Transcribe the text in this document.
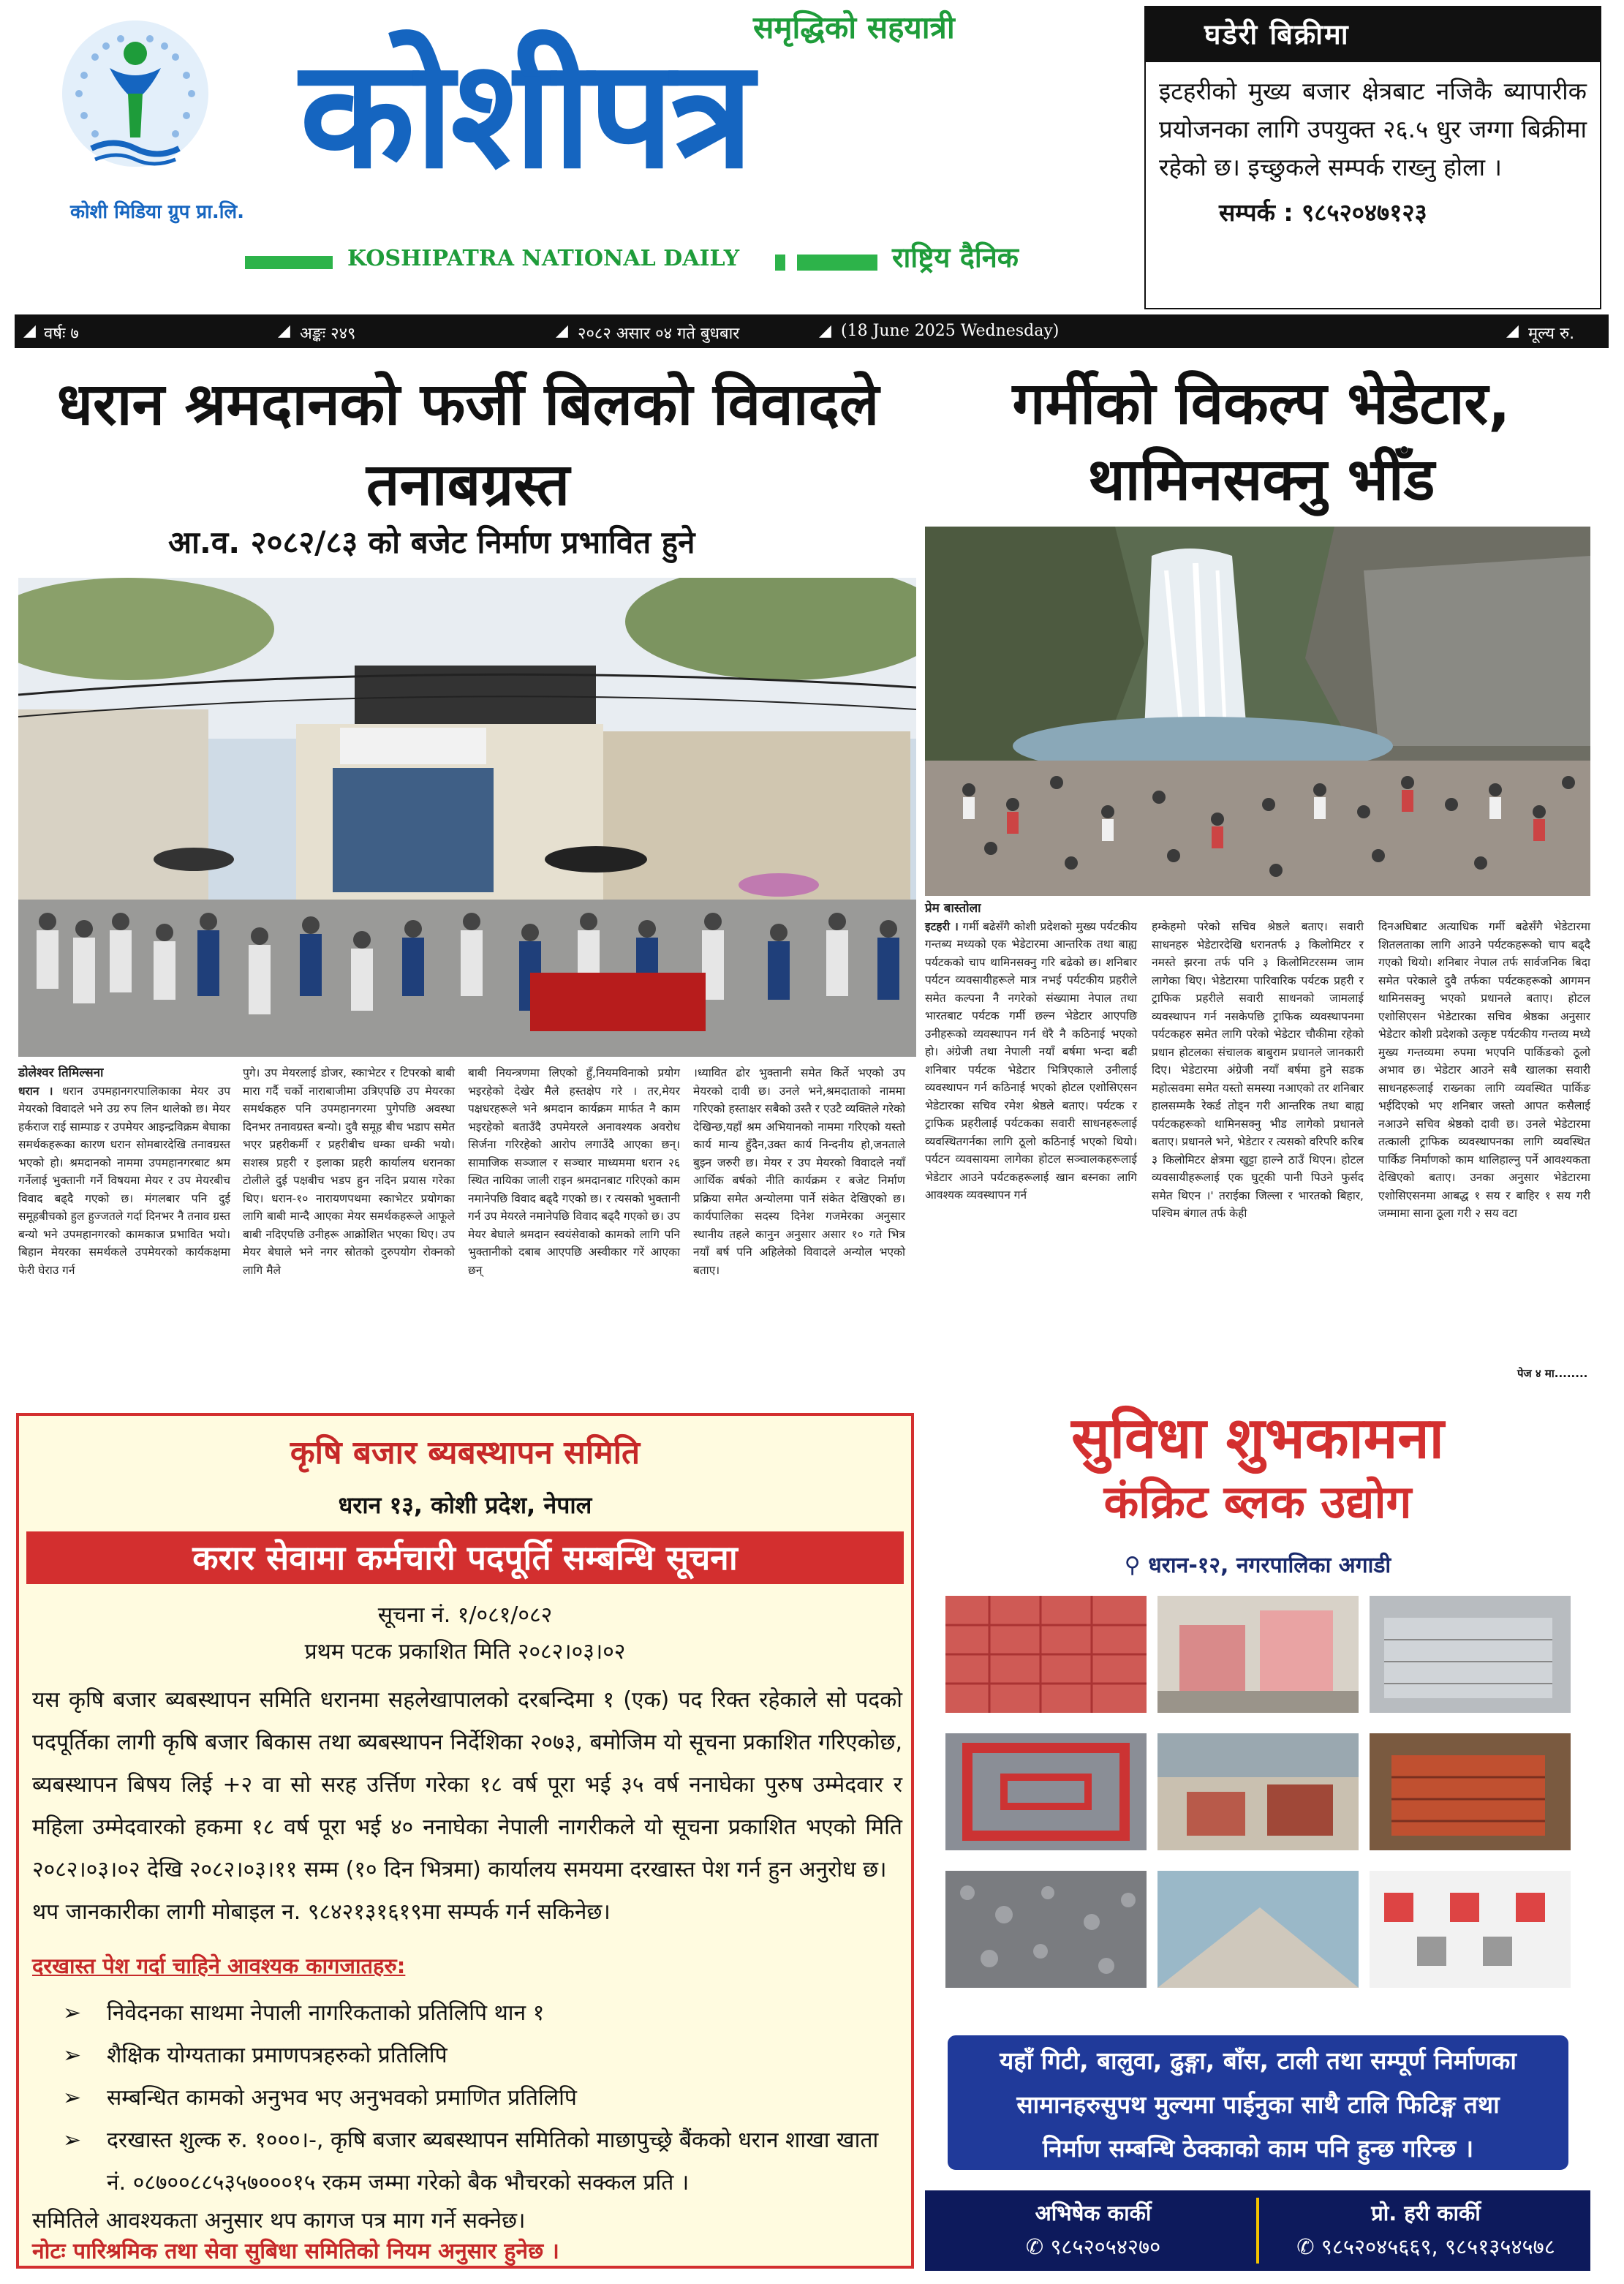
कोशी मिडिया ग्रुप प्रा.लि.
समृद्धिको सहयात्री
कोशीपत्र
KOSHIPATRA NATIONAL DAILY	राष्ट्रिय दैनिक
घडेरी बिक्रीमा
इटहरीको मुख्य बजार क्षेत्रबाट नजिकै ब्यापारीक प्रयोजनका लागि उपयुक्त २६.५ धुर जग्गा बिक्रीमा रहेको छ। इच्छुकले सम्पर्क राख्नु होला ।
सम्पर्क : ९८५२०४७१२३
◢ वर्षः ७	◢ अङ्कः २४९	◢ २०८२ असार ०४ गते बुधबार	◢ (18 June 2025 Wednesday)	◢ मूल्य रु.
धरान श्रमदानको फर्जी बिलको विवादले तनाबग्रस्त
आ.व. २०८२/८३ को बजेट निर्माण प्रभावित हुने
गर्मीको विकल्प भेडेटार, थामिनसक्नु भीँड
डोलेश्वर तिमिल्सना
धरान । धरान उपमहानगरपालिकाका मेयर उप मेयरको विवादले भने उग्र रुप लिन थालेको छ। मेयर हर्कराज राई साम्पाङ र उपमेयर आइन्द्रविक्रम बेघाका समर्थकहरूका कारण धरान सोमबारदेखि तनावग्रस्त भएको हो। श्रमदानको नाममा उपमहानगरबाट श्रम गर्नेलाई भुक्तानी गर्ने विषयमा मेयर र उप मेयरबीच विवाद बढ्दै गएको छ। मंगलबार पनि दुई समूहबीचको हुल हुज्जतले गर्दा दिनभर नै तनाव ग्रस्त बन्यो भने उपमहानगरको कामकाज प्रभावित भयो। बिहान मेयरका समर्थकले उपमेयरको कार्यकक्षमा फेरी घेराउ गर्न
पुगे। उप मेयरलाई डोजर, स्काभेटर र टिपरको बाबी मारा गर्दै चर्को नाराबाजीमा उत्रिएपछि उप मेयरका समर्थकहरु पनि उपमहानगरमा पुगेपछि अवस्था दिनभर तनावग्रस्त बन्यो। दुवै समूह बीच भडाप समेत भएर प्रहरीकर्मी र प्रहरीबीच धम्का धम्की भयो। सशस्त्र प्रहरी र इलाका प्रहरी कार्यालय धरानका टोलीले दुई पक्षबीच भडप हुन नदिन प्रयास गरेका थिए। धरान-१० नारायणपथमा स्काभेटर प्रयोगका लागि बाबी मान्दै आएका मेयर समर्थकहरूले आफूले बाबी नदिएपछि उनीहरू आक्रोशित भएका थिए। उप मेयर बेघाले भने नगर स्रोतको दुरुपयोग रोक्नको लागि मैले
बाबी नियन्त्रणमा लिएको हुँ,नियमविनाको प्रयोग भइरहेको देखेर मैले हस्तक्षेप गरे । तर,मेयर पक्षधरहरूले भने श्रमदान कार्यक्रम मार्फत नै काम भइरहेको बताउँदै उपमेयरले अनावश्यक अवरोध सिर्जना गरिरहेको आरोप लगाउँदै आएका छन्। सामाजिक सञ्जाल र सञ्चार माध्यममा धरान २६ स्थित नायिका जाली राइन श्रमदानबाट गरिएको काम नमानेपछि विवाद बढ्दै गएको छ। र त्यसको भुक्तानी गर्न उप मेयरले नमानेपछि विवाद बढ्दै गएको छ। उप मेयर बेघाले श्रमदान स्वयंसेवाको कामको लागि पनि भुक्तानीको दबाब आएपछि अस्वीकार गरें आएका छन्
।ध्यावित ढोर भुक्तानी समेत किर्ते भएको उप मेयरको दावी छ। उनले भने,श्रमदाताको नाममा गरिएको हस्ताक्षर सबैको उस्तै र एउटै व्यक्तिले गरेको देखिन्छ,यहाँ श्रम अभियानको नाममा गरिएको यस्तो कार्य मान्य हुँदैन,उक्त कार्य निन्दनीय हो,जनताले बुझ्न जरुरी छ। मेयर र उप मेयरको विवादले नयाँ आर्थिक बर्षको नीति कार्यक्रम र बजेट निर्माण प्रक्रिया समेत अन्योलमा पार्ने संकेत देखिएको छ। कार्यपालिका सदस्य दिनेश गजमेरका अनुसार स्थानीय तहले कानुन अनुसार असार १० गते भित्र नयाँ बर्ष पनि अहिलेको विवादले अन्योल भएको बताए।
प्रेम बास्तोला
इटहरी । गर्मी बढेसँगै कोशी प्रदेशको मुख्य पर्यटकीय गन्तब्य मध्यको एक भेडेटारमा आन्तरिक तथा बाह्य पर्यटकको चाप थामिनसक्नु गरि बढेको छ। शनिबार पर्यटन व्यवसायीहरूले मात्र नभई पर्यटकीय प्रहरीले समेत कल्पना नै नगरेको संख्यामा नेपाल तथा भारतबाट पर्यटक गर्मी छल्न भेडेटार आएपछि उनीहरूको व्यवस्थापन गर्न धेरै नै कठिनाई भएको हो। अंग्रेजी तथा नेपाली नयाँ बर्षमा भन्दा बढी शनिबार पर्यटक भेडेटार भित्रिएकाले उनीलाई व्यवस्थापन गर्न कठिनाई भएको होटल एशोसिएसन भेडेटारका सचिव रमेश श्रेष्ठले बताए। पर्यटक र ट्राफिक प्रहरीलाई पर्यटकका सवारी साधनहरूलाई व्यवस्थितगर्नका लागि ठूलो कठिनाई भएको थियो। पर्यटन व्यवसायमा लागेका होटल सञ्चालकहरूलाई भेडेटार आउने पर्यटकहरूलाई खान बस्नका लागि आवश्यक व्यवस्थापन गर्न
हम्केहमो परेको सचिव श्रेष्ठले बताए। सवारी साधनहरु भेडेटारदेखि धरानतर्फ ३ किलोमिटर र नमस्ते झरना तर्फ पनि ३ किलोमिटरसम्म जाम लागेका थिए। भेडेटारमा पारिवारिक पर्यटक प्रहरी र ट्राफिक प्रहरीले सवारी साधनको जामलाई व्यवस्थापन गर्न नसकेपछि ट्राफिक व्यवस्थापनमा पर्यटकहरु समेत लागि परेको भेडेटार चौकीमा रहेको प्रधान होटलका संचालक बाबुराम प्रधानले जानकारी दिए। भेडेटारमा अंग्रेजी नयाँ बर्षमा हुने सडक महोत्सवमा समेत यस्तो समस्या नआएको तर शनिबार हालसम्मकै रेकर्ड तोड्न गरी आन्तरिक तथा बाह्य पर्यटकहरूको थामिनसक्नु भीड लागेको प्रधानले बताए। प्रधानले भने, भेडेटार र त्यसको वरिपरि करिब ३ किलोमिटर क्षेत्रमा खुट्टा हाल्ने ठाउँ थिएन। होटल व्यवसायीहरूलाई एक घुट्की पानी पिउने फुर्सद समेत थिएन ।' तराईका जिल्ला र भारतको बिहार, पश्चिम बंगाल तर्फ केही
दिनअघिबाट अत्याधिक गर्मी बढेसँगै भेडेटारमा शितलताका लागि आउने पर्यटकहरूको चाप बढ्दै गएको थियो। शनिबार नेपाल तर्फ सार्वजनिक बिदा समेत परेकाले दुवै तर्फका पर्यटकहरूको आगमन थामिनसक्नु भएको प्रधानले बताए। होटल एशोसिएसन भेडेटारका सचिव श्रेष्ठका अनुसार भेडेटार कोशी प्रदेशको उत्कृष्ट पर्यटकीय गन्तव्य मध्ये मुख्य गन्तव्यमा रुपमा भएपनि पार्किङको ठूलो अभाव छ। भेडेटार आउने सबै खालका सवारी साधनहरूलाई राख्नका लागि व्यवस्थित पार्किङ भईदिएको भए शनिबार जस्तो आपत कसैलाई नआउने सचिव श्रेष्ठको दावी छ। उनले भेडेटारमा तत्काली ट्राफिक व्यवस्थापनका लागि व्यवस्थित पार्किङ निर्माणको काम थालिहाल्नु पर्ने आवश्यकता देखिएको बताए। उनका अनुसार भेडेटारमा एशोसिएसनमा आबद्ध १ सय र बाहिर १ सय गरी जम्मामा साना ठूला गरी २ सय वटा
पेज ४ मा........
कृषि बजार ब्यबस्थापन समिति
धरान १३, कोशी प्रदेश, नेपाल
करार सेवामा कर्मचारी पदपूर्ति सम्बन्धि सूचना
सूचना नं. १/०८१/०८२
प्रथम पटक प्रकाशित मिति २०८२।०३।०२
यस कृषि बजार ब्यबस्थापन समिति धरानमा सहलेखापालको दरबन्दिमा १ (एक) पद रिक्त रहेकाले सो पदको पदपूर्तिका लागी कृषि बजार बिकास तथा ब्यबस्थापन निर्देशिका २०७३, बमोजिम यो सूचना प्रकाशित गरिएकोछ, ब्यबस्थापन बिषय लिई +२ वा सो सरह उर्त्तिण गरेका १८ वर्ष पूरा भई ३५ वर्ष ननाघेका पुरुष उम्मेदवार र महिला उम्मेदवारको हकमा १८ वर्ष पूरा भई ४० ननाघेका नेपाली नागरीकले यो सूचना प्रकाशित भएको मिति २०८२।०३।०२ देखि २०८२।०३।११ सम्म (१० दिन भित्रमा) कार्यालय समयमा दरखास्त पेश गर्न हुन अनुरोध छ।
थप जानकारीका लागी मोबाइल न. ९८४२१३१६१९मा सम्पर्क गर्न सकिनेछ।
दरखास्त पेश गर्दा चाहिने आवश्यक कागजातहरु:
➢ निवेदनका साथमा नेपाली नागरिकताको प्रतिलिपि थान १
➢ शैक्षिक योग्यताका प्रमाणपत्रहरुको प्रतिलिपि
➢ सम्बन्धित कामको अनुभव भए अनुभवको प्रमाणित प्रतिलिपि
➢ दरखास्त शुल्क रु. १०००।-, कृषि बजार ब्यबस्थापन समितिको माछापुच्छ्रे बैंकको धरान शाखा खाता नं. ०८७००८८५३५७०००१५ रकम जम्मा गरेको बैक भौचरको सक्कल प्रति ।
समितिले आवश्यकता अनुसार थप कागज पत्र माग गर्ने सक्नेछ।
नोटः पारिश्रमिक तथा सेवा सुबिधा समितिको नियम अनुसार हुनेछ ।
सुविधा शुभकामना
कंक्रिट ब्लक उद्योग
⚲ धरान-१२, नगरपालिका अगाडी
यहाँ गिटी, बालुवा, ढुङ्गा, बाँस, टाली तथा सम्पूर्ण निर्माणका
सामानहरुसुपथ मुल्यमा पाईनुका साथै टालि फिटिङ्ग तथा
निर्माण सम्बन्धि ठेक्काको काम पनि हुन्छ गरिन्छ ।
अभिषेक कार्की
✆ ९८५२०५४२७०
प्रो. हरी कार्की
✆ ९८५२०४५६६९, ९८५१३५४५७८
